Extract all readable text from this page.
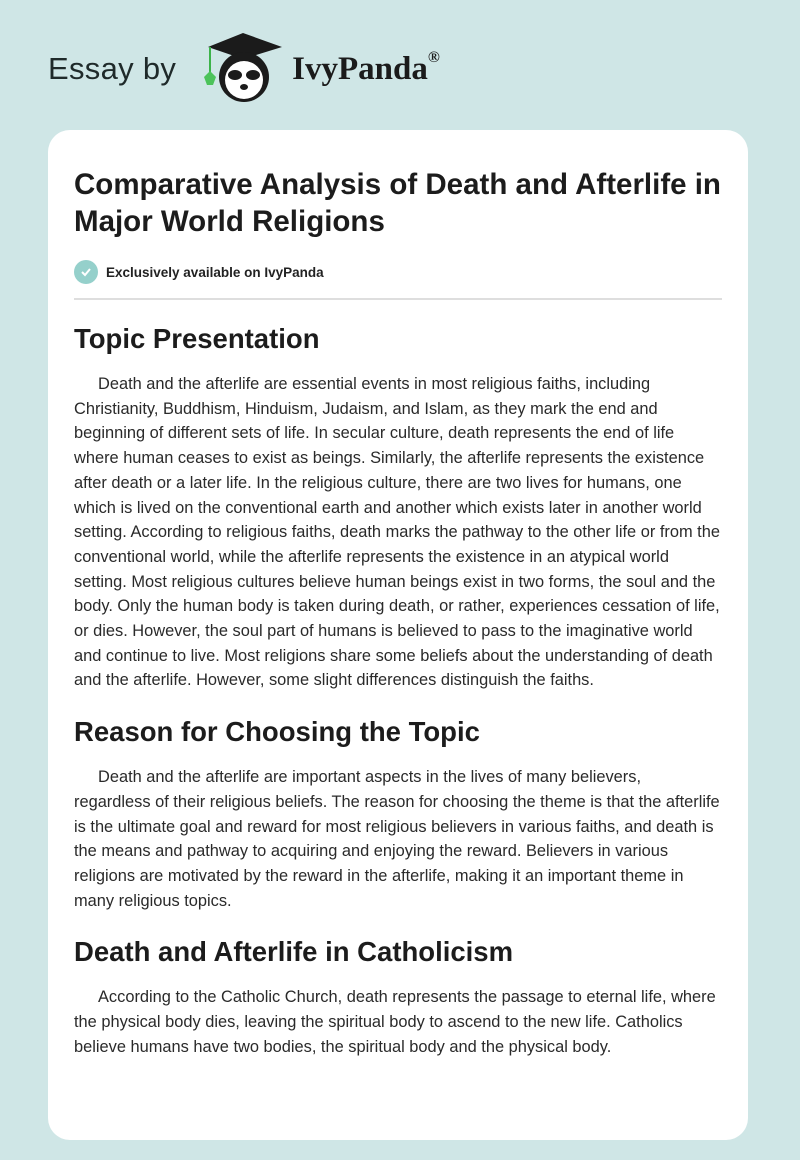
Essay by	IvyPanda®
Comparative Analysis of Death and Afterlife in Major World Religions
Exclusively available on IvyPanda
Topic Presentation

Death and the afterlife are essential events in most religious faiths, including Christianity, Buddhism, Hinduism, Judaism, and Islam, as they mark the end and beginning of different sets of life. In secular culture, death represents the end of life where human ceases to exist as beings. Similarly, the afterlife represents the existence after death or a later life. In the religious culture, there are two lives for humans, one which is lived on the conventional earth and another which exists later in another world setting. According to religious faiths, death marks the pathway to the other life or from the conventional world, while the afterlife represents the existence in an atypical world setting. Most religious cultures believe human beings exist in two forms, the soul and the body. Only the human body is taken during death, or rather, experiences cessation of life, or dies. However, the soul part of humans is believed to pass to the imaginative world and continue to live. Most religions share some beliefs about the understanding of death and the afterlife. However, some slight differences distinguish the faiths.

Reason for Choosing the Topic

Death and the afterlife are important aspects in the lives of many believers, regardless of their religious beliefs. The reason for choosing the theme is that the afterlife is the ultimate goal and reward for most religious believers in various faiths, and death is the means and pathway to acquiring and enjoying the reward. Believers in various religions are motivated by the reward in the afterlife, making it an important theme in many religious topics.

Death and Afterlife in Catholicism

According to the Catholic Church, death represents the passage to eternal life, where the physical body dies, leaving the spiritual body to ascend to the new life. Catholics believe humans have two bodies, the spiritual body and the physical body.
